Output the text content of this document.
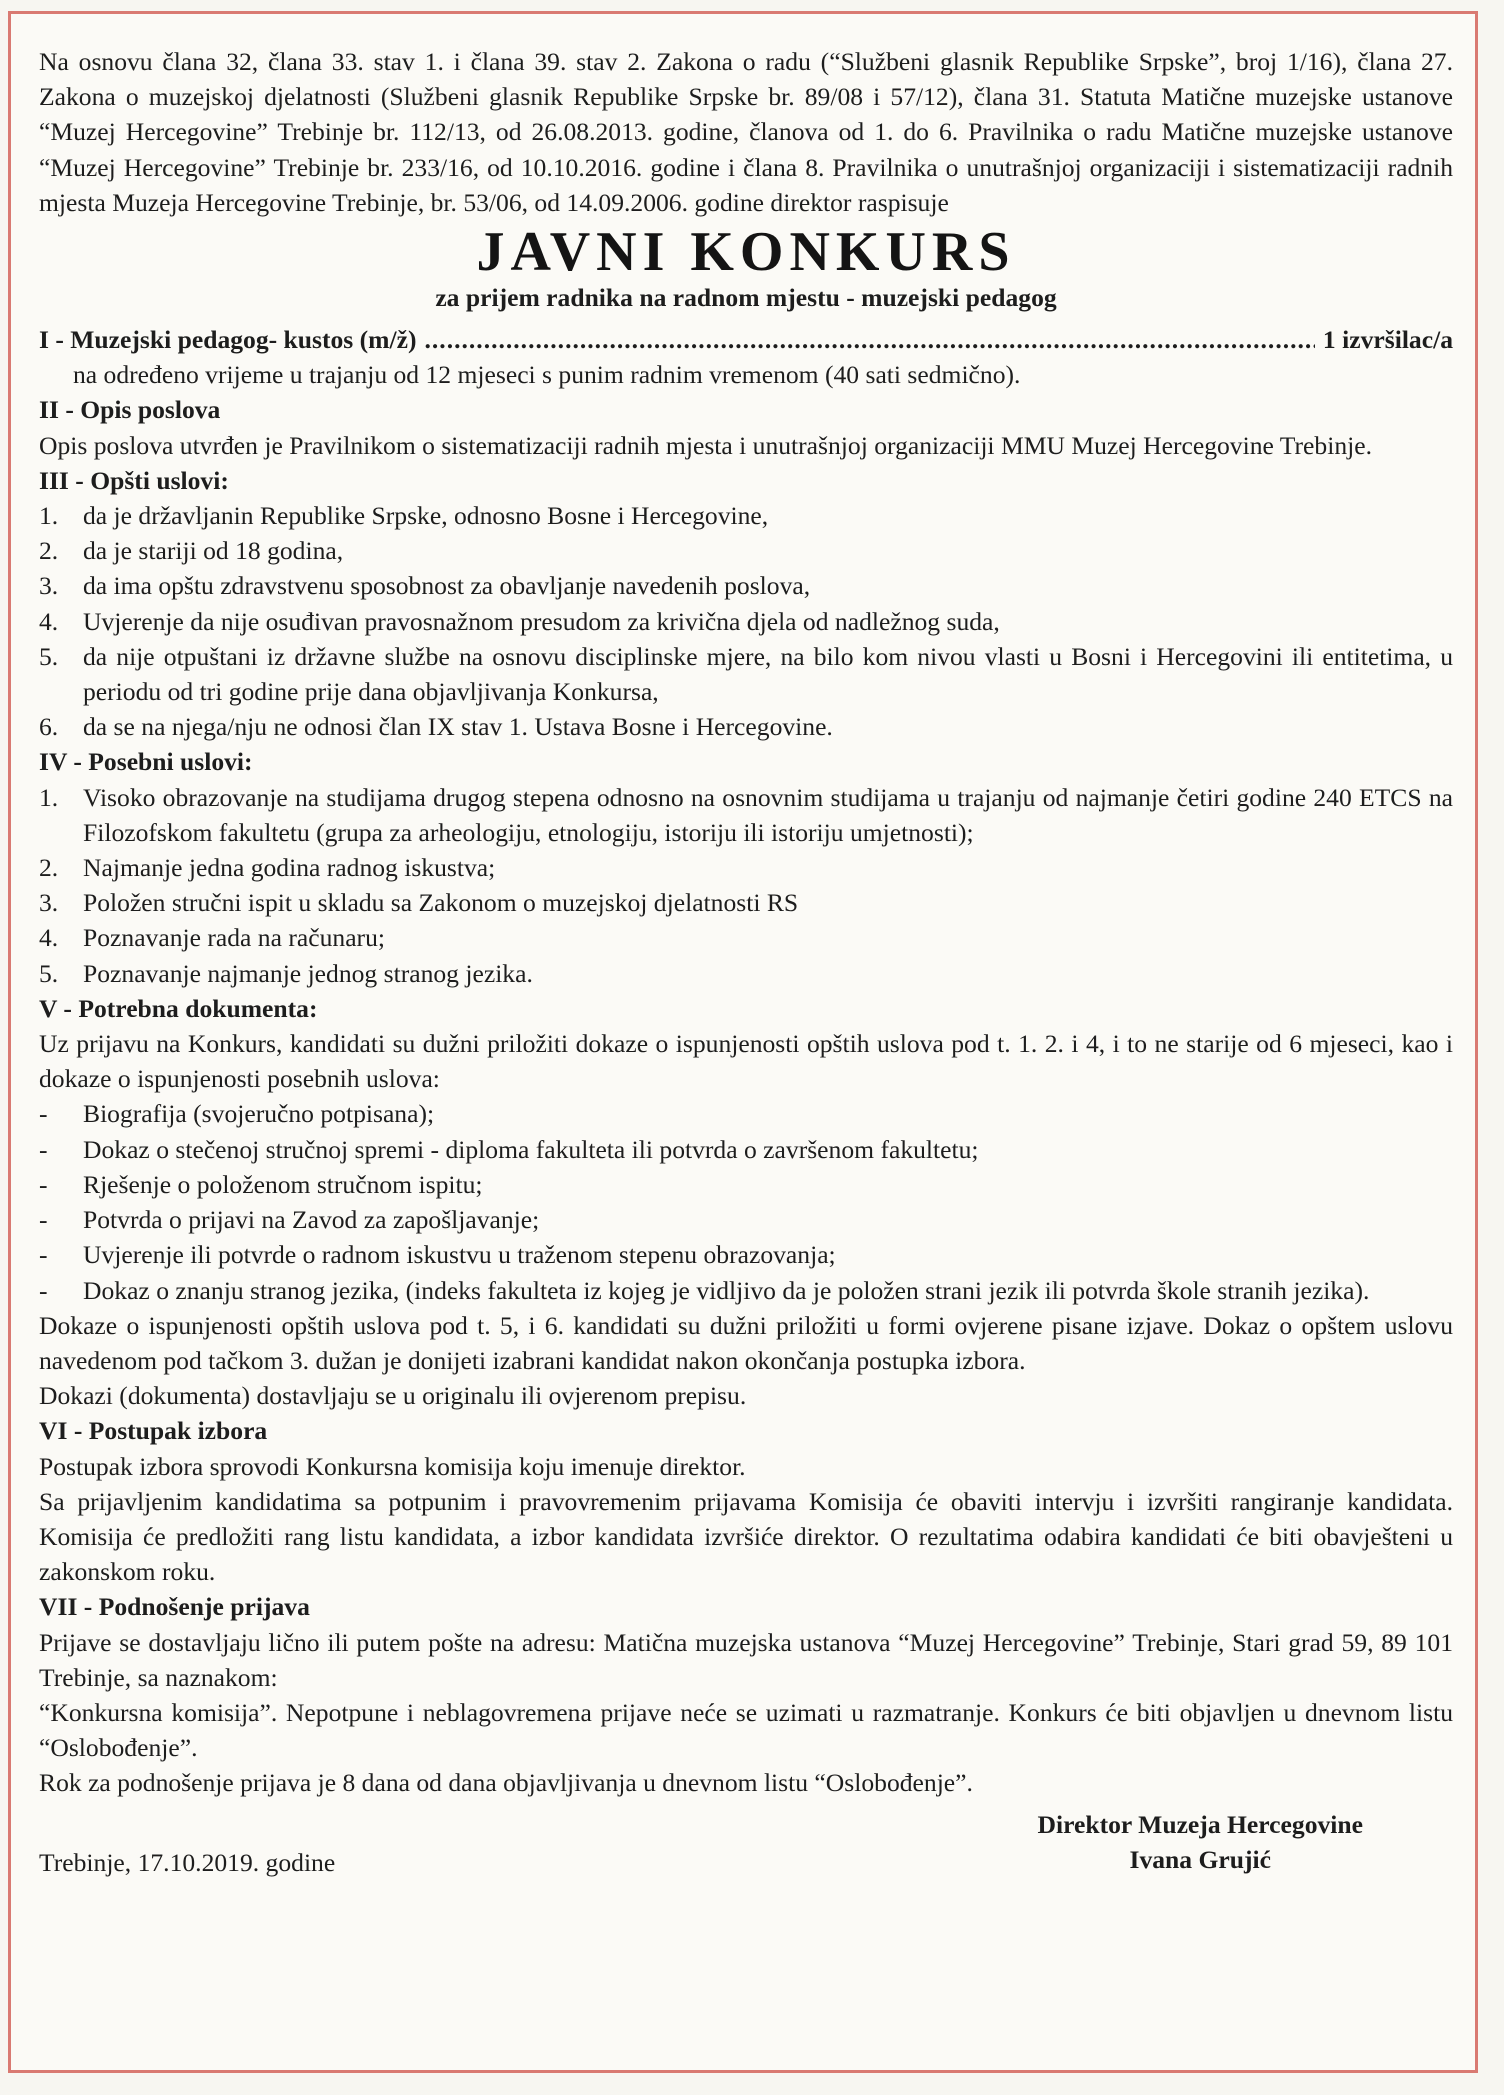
Na osnovu člana 32, člana 33. stav 1. i člana 39. stav 2. Zakona o radu (“Službeni glasnik Republike Srpske”, broj 1/16), člana 27. Zakona o muzejskoj djelatnosti (Službeni glasnik Republike Srpske br. 89/08 i 57/12), člana 31. Statuta Matične muzejske ustanove “Muzej Hercegovine” Trebinje br. 112/13, od 26.08.2013. godine, članova od 1. do 6. Pravilnika o radu Matične muzejske ustanove “Muzej Hercegovine” Trebinje br. 233/16, od 10.10.2016. godine i člana 8. Pravilnika o unutrašnjoj organizaciji i sistematizaciji radnih mjesta Muzeja Hercegovine Trebinje, br. 53/06, od 14.09.2006. godine direktor raspisuje

JAVNI KONKURS
za prijem radnika na radnom mjestu - muzejski pedagog
I - Muzejski pedagog- kustos (m/ž)
.....	1 izvršilac/a

na određeno vrijeme u trajanju od 12 mjeseci s punim radnim vremenom (40 sati sedmično).

II - Opis poslova

Opis poslova utvrđen je Pravilnikom o sistematizaciji radnih mjesta i unutrašnjoj organizaciji MMU Muzej Hercegovine Trebinje.

III - Opšti uslovi:

1. da je državljanin Republike Srpske, odnosno Bosne i Hercegovine,
2. da je stariji od 18 godina,
3. da ima opštu zdravstvenu sposobnost za obavljanje navedenih poslova,
4. Uvjerenje da nije osuđivan pravosnažnom presudom za krivična djela od nadležnog suda,
5. da nije otpuštani iz državne službe na osnovu disciplinske mjere, na bilo kom nivou vlasti u Bosni i Hercegovini ili entitetima, u periodu od tri godine prije dana objavljivanja Konkursa,
6. da se na njega/nju ne odnosi član IX stav 1. Ustava Bosne i Hercegovine.

IV - Posebni uslovi:

1. Visoko obrazovanje na studijama drugog stepena odnosno na osnovnim studijama u trajanju od najmanje četiri godine 240 ETCS na Filozofskom fakultetu (grupa za arheologiju, etnologiju, istoriju ili istoriju umjetnosti);
2. Najmanje jedna godina radnog iskustva;
3. Položen stručni ispit u skladu sa Zakonom o muzejskoj djelatnosti RS
4. Poznavanje rada na računaru;
5. Poznavanje najmanje jednog stranog jezika.

V - Potrebna dokumenta:

Uz prijavu na Konkurs, kandidati su dužni priložiti dokaze o ispunjenosti opštih uslova pod t. 1. 2. i 4, i to ne starije od 6 mjeseci, kao i dokaze o ispunjenosti posebnih uslova:

-	Biografija (svojeručno potpisana);
-	Dokaz o stečenoj stručnoj spremi - diploma fakulteta ili potvrda o završenom fakultetu;
-	Rješenje o položenom stručnom ispitu;
-	Potvrda o prijavi na Zavod za zapošljavanje;
-	Uvjerenje ili potvrde o radnom iskustvu u traženom stepenu obrazovanja;
-	Dokaz o znanju stranog jezika, (indeks fakulteta iz kojeg je vidljivo da je položen strani jezik ili potvrda škole stranih jezika).

Dokaze o ispunjenosti opštih uslova pod t. 5, i 6. kandidati su dužni priložiti u formi ovjerene pisane izjave. Dokaz o opštem uslovu navedenom pod tačkom 3. dužan je donijeti izabrani kandidat nakon okončanja postupka izbora.

Dokazi (dokumenta) dostavljaju se u originalu ili ovjerenom prepisu.

VI - Postupak izbora

Postupak izbora sprovodi Konkursna komisija koju imenuje direktor.

Sa prijavljenim kandidatima sa potpunim i pravovremenim prijavama Komisija će obaviti intervju i izvršiti rangiranje kandidata. Komisija će predložiti rang listu kandidata, a izbor kandidata izvršiće direktor. O rezultatima odabira kandidati će biti obavješteni u zakonskom roku.

VII - Podnošenje prijava

Prijave se dostavljaju lično ili putem pošte na adresu: Matična muzejska ustanova “Muzej Hercegovine” Trebinje, Stari grad 59, 89 101 Trebinje, sa naznakom:

“Konkursna komisija”. Nepotpune i neblagovremena prijave neće se uzimati u razmatranje. Konkurs će biti objavljen u dnevnom listu “Oslobođenje”.

Rok za podnošenje prijava je 8 dana od dana objavljivanja u dnevnom listu “Oslobođenje”.

Direktor Muzeja Hercegovine
Ivana Grujić
Trebinje, 17.10.2019. godine
